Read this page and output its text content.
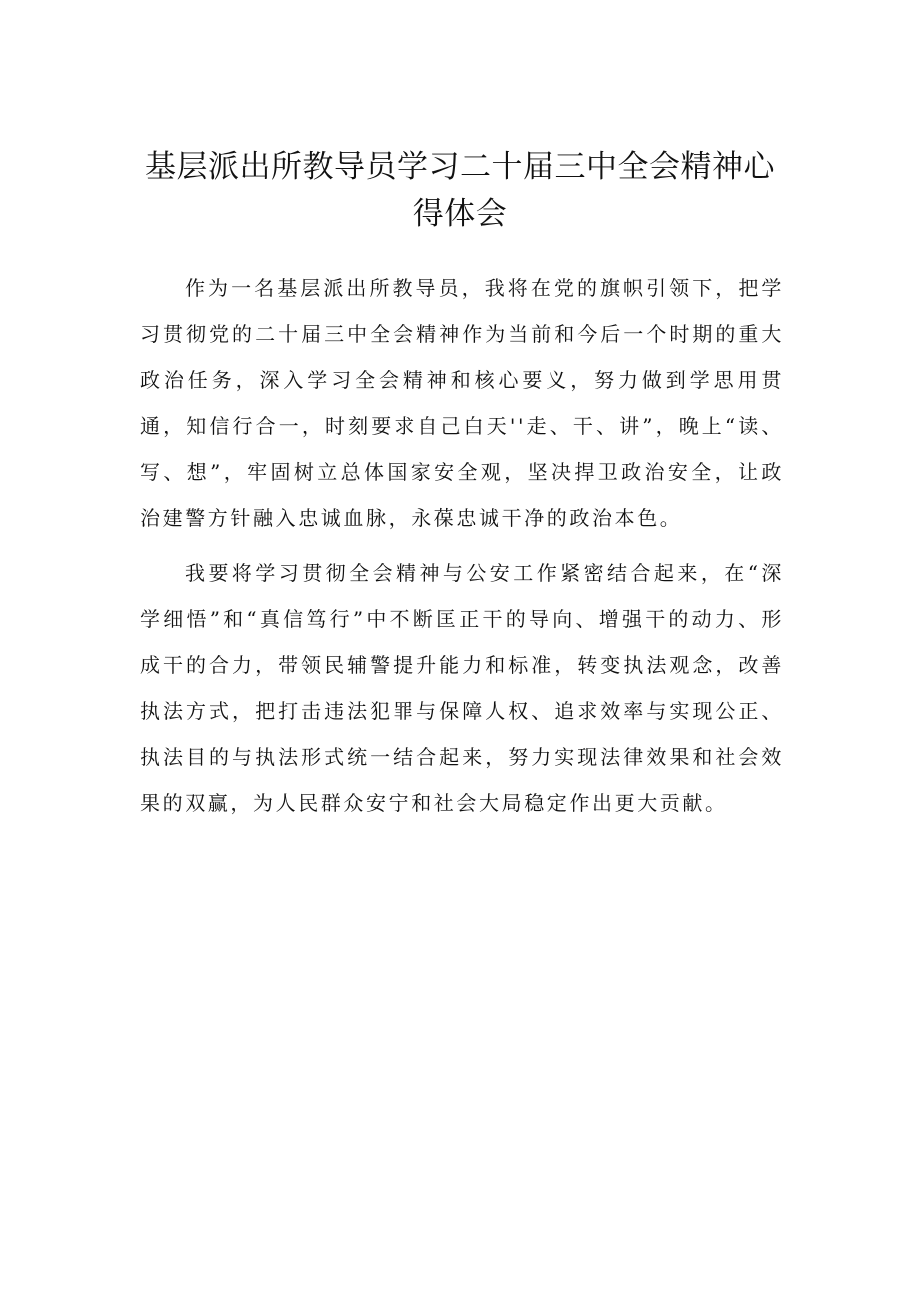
基层派出所教导员学习二十届三中全会精神心得体会

作为一名基层派出所教导员，我将在党的旗帜引领下，把学习贯彻党的二十届三中全会精神作为当前和今后一个时期的重大政治任务，深入学习全会精神和核心要义，努力做到学思用贯通，知信行合一，时刻要求自己白天''走、干、讲”，晚上“读、写、想”，牢固树立总体国家安全观，坚决捍卫政治安全，让政治建警方针融入忠诚血脉，永葆忠诚干净的政治本色。

我要将学习贯彻全会精神与公安工作紧密结合起来，在“深学细悟”和“真信笃行”中不断匡正干的导向、增强干的动力、形成干的合力，带领民辅警提升能力和标准，转变执法观念，改善执法方式，把打击违法犯罪与保障人权、追求效率与实现公正、执法目的与执法形式统一结合起来，努力实现法律效果和社会效果的双赢，为人民群众安宁和社会大局稳定作出更大贡献。
